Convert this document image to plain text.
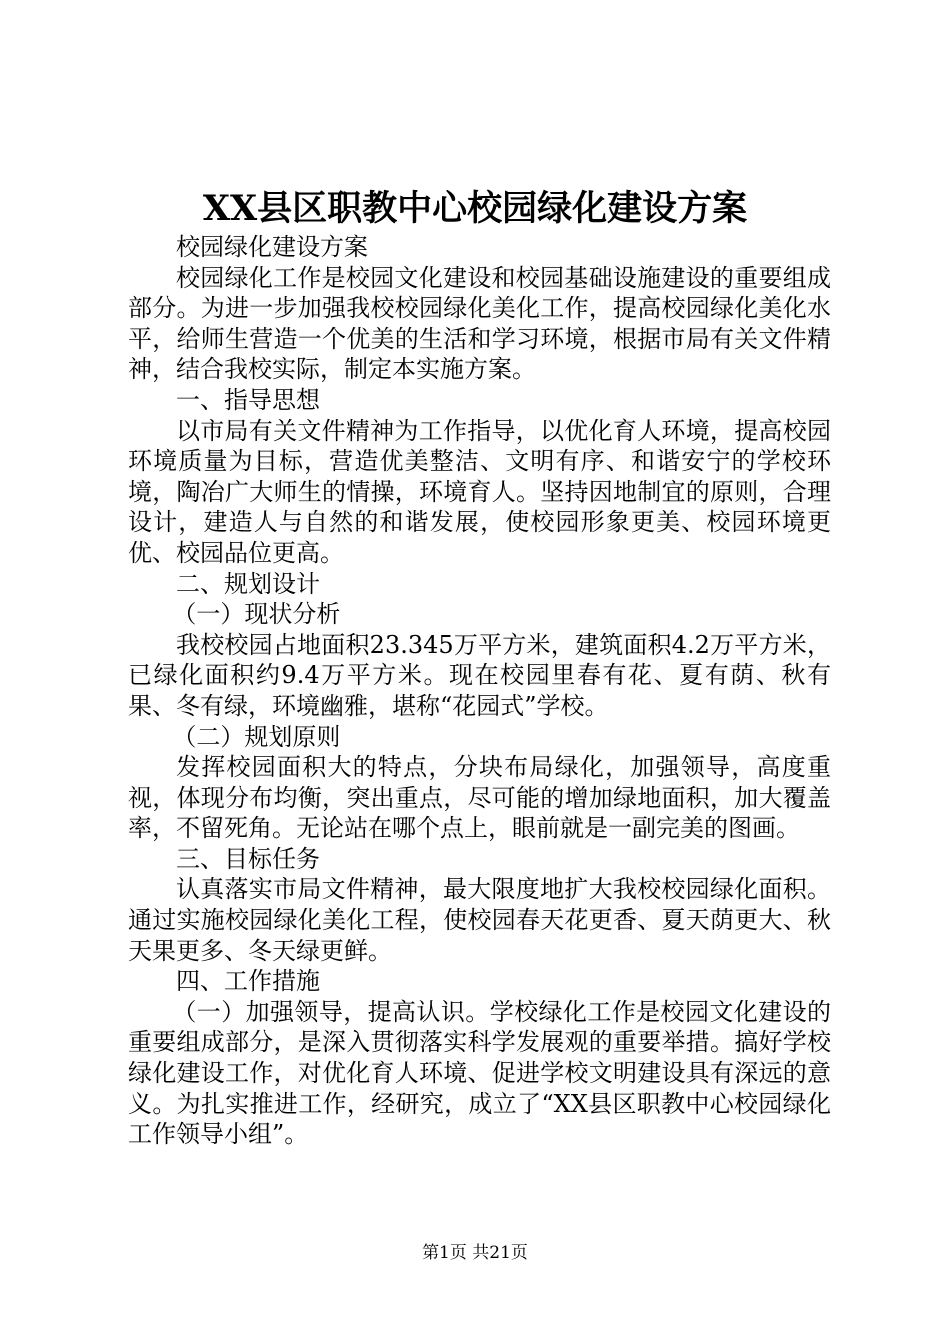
XX县区职教中心校园绿化建设方案

校园绿化建设方案

校园绿化工作是校园文化建设和校园基础设施建设的重要组成部分。为进一步加强我校校园绿化美化工作，提高校园绿化美化水平，给师生营造一个优美的生活和学习环境，根据市局有关文件精神，结合我校实际，制定本实施方案。

一、指导思想

以市局有关文件精神为工作指导，以优化育人环境，提高校园环境质量为目标，营造优美整洁、文明有序、和谐安宁的学校环境，陶冶广大师生的情操，环境育人。坚持因地制宜的原则，合理设计，建造人与自然的和谐发展，使校园形象更美、校园环境更优、校园品位更高。

二、规划设计

（一）现状分析

我校校园占地面积23.345万平方米，建筑面积4.2万平方米，已绿化面积约9.4万平方米。现在校园里春有花、夏有荫、秋有果、冬有绿，环境幽雅，堪称“花园式”学校。

（二）规划原则

发挥校园面积大的特点，分块布局绿化，加强领导，高度重视，体现分布均衡，突出重点，尽可能的增加绿地面积，加大覆盖率，不留死角。无论站在哪个点上，眼前就是一副完美的图画。

三、目标任务

认真落实市局文件精神，最大限度地扩大我校校园绿化面积。通过实施校园绿化美化工程，使校园春天花更香、夏天荫更大、秋天果更多、冬天绿更鲜。

四、工作措施

（一）加强领导，提高认识。学校绿化工作是校园文化建设的重要组成部分，是深入贯彻落实科学发展观的重要举措。搞好学校绿化建设工作，对优化育人环境、促进学校文明建设具有深远的意义。为扎实推进工作，经研究，成立了“XX县区职教中心校园绿化工作领导小组”。

第1页 共21页
